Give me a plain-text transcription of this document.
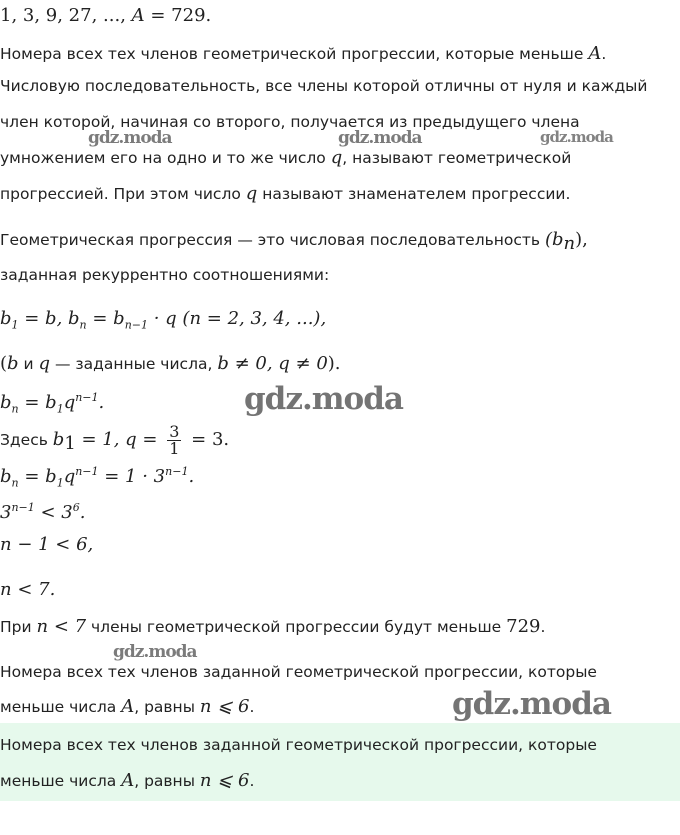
1, 3, 9, 27, ..., A = 729.
Номера всех тех членов геометрической прогрессии, которые меньше A.
Числовую последовательность, все члены которой отличны от нуля и каждый
член которой, начиная со второго, получается из предыдущего члена
умножением его на одно и то же число q, называют геометрической
прогрессией. При этом число q называют знаменателем прогрессии.
Геометрическая прогрессия — это числовая последовательность $(b_n)$,
заданная рекуррентно соотношениями:
$b_1 = b$, $b_n = b_{n-1} \cdot q$ (n = 2, 3, 4, ...),
(b и q — заданные числа, b ≠ 0, q ≠ 0).
$b_n = b_1q^{n-1}$.
Здесь $b_1 = 1$, $q = \frac{3}{1} = 3$.
$b_n = b_1q^{n-1} = 1 \cdot 3^{n-1}$.
$3^{n-1} < 3^6$.
n − 1 < 6,
n < 7.
При n < 7 члены геометрической прогрессии будут меньше 729.
Номера всех тех членов заданной геометрической прогрессии, которые
меньше числа A, равны n ⩽ 6.
Номера всех тех членов заданной геометрической прогрессии, которые
меньше числа A, равны n ⩽ 6.
gdz.moda	gdz.moda	gdz.moda
gdz.moda
gdz.moda
gdz.moda
